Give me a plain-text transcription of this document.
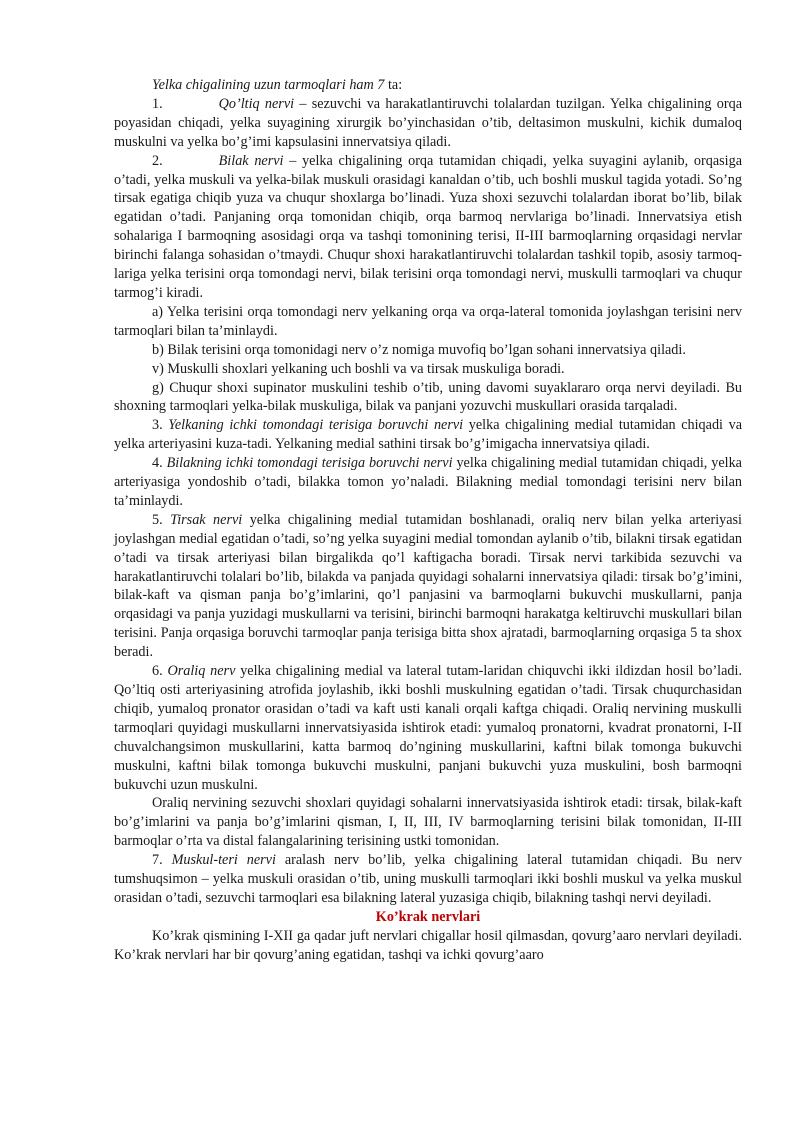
Yelka chigalining uzun tarmoqlari ham 7 ta:

1.	Qo’ltiq nervi – sezuvchi va harakatlantiruvchi tolalardan tuzilgan. Yelka chigalining orqa poyasidan chiqadi, yelka suyagining xirurgik bo’yinchasidan o’tib, deltasimon muskulni, kichik dumaloq muskulni va yelka bo’g’imi kapsulasini innervatsiya qiladi.

2.	Bilak nervi – yelka chigalining orqa tutamidan chiqadi, yelka suyagini aylanib, orqasiga o’tadi, yelka muskuli va yelka-bilak muskuli orasidagi kanaldan o’tib, uch boshli muskul tagida yotadi. So’ng tirsak egatiga chiqib yuza va chuqur shoxlarga bo’linadi. Yuza shoxi sezuvchi tolalardan iborat bo’lib, bilak egatidan o’tadi. Panjaning orqa tomonidan chiqib, orqa barmoq nervlariga bo’linadi. Innervatsiya etish sohalariga I barmoqning asosidagi orqa va tashqi tomonining terisi, II-III barmoqlarning orqasidagi nervlar birinchi falanga sohasidan o’tmaydi. Chuqur shoxi harakatlantiruvchi tolalardan tashkil topib, asosiy tarmoq-lariga yelka terisini orqa tomondagi nervi, bilak terisini orqa tomondagi nervi, muskulli tarmoqlari va chuqur tarmog’i kiradi.

a) Yelka terisini orqa tomondagi nerv yelkaning orqa va orqa-lateral tomonida joylashgan terisini nerv tarmoqlari bilan ta’minlaydi.

b) Bilak terisini orqa tomonidagi nerv o’z nomiga muvofiq bo’lgan sohani innervatsiya qiladi.

v) Muskulli shoxlari yelkaning uch boshli va va tirsak muskuliga boradi.

g) Chuqur shoxi supinator muskulini teshib o’tib, uning davomi suyaklararo orqa nervi deyiladi. Bu shoxning tarmoqlari yelka-bilak muskuliga, bilak va panjani yozuvchi muskullari orasida tarqaladi.

3. Yelkaning ichki tomondagi terisiga boruvchi nervi yelka chigalining medial tutamidan chiqadi va yelka arteriyasini kuza-tadi. Yelkaning medial sathini tirsak bo’g’imigacha innervatsiya qiladi.

4. Bilakning ichki tomondagi terisiga boruvchi nervi yelka chigalining medial tutamidan chiqadi, yelka arteriyasiga yondoshib o’tadi, bilakka tomon yo’naladi. Bilakning medial tomondagi terisini nerv bilan ta’minlaydi.

5. Tirsak nervi yelka chigalining medial tutamidan boshlanadi, oraliq nerv bilan yelka arteriyasi joylashgan medial egatidan o’tadi, so’ng yelka suyagini medial tomondan aylanib o’tib, bilakni tirsak egatidan o’tadi va tirsak arteriyasi bilan birgalikda qo’l kaftigacha boradi. Tirsak nervi tarkibida sezuvchi va harakatlantiruvchi tolalari bo’lib, bilakda va panjada quyidagi sohalarni innervatsiya qiladi: tirsak bo’g’imini, bilak-kaft va qisman panja bo’g’imlarini, qo’l panjasini va barmoqlarni bukuvchi muskullarni, panja orqasidagi va panja yuzidagi muskullarni va terisini, birinchi barmoqni harakatga keltiruvchi muskullari bilan terisini. Panja orqasiga boruvchi tarmoqlar panja terisiga bitta shox ajratadi, barmoqlarning orqasiga 5 ta shox beradi.

6. Oraliq nerv yelka chigalining medial va lateral tutam-laridan chiquvchi ikki ildizdan hosil bo’ladi. Qo’ltiq osti arteriyasining atrofida joylashib, ikki boshli muskulning egatidan o’tadi. Tirsak chuqurchasidan chiqib, yumaloq pronator orasidan o’tadi va kaft usti kanali orqali kaftga chiqadi. Oraliq nervining muskulli tarmoqlari quyidagi muskullarni innervatsiyasida ishtirok etadi: yumaloq pronatorni, kvadrat pronatorni, I-II chuvalchangsimon muskullarini, katta barmoq do’ngining muskullarini, kaftni bilak tomonga bukuvchi muskulni, kaftni bilak tomonga bukuvchi muskulni, panjani bukuvchi yuza muskulini, bosh barmoqni bukuvchi uzun muskulni.

Oraliq nervining sezuvchi shoxlari quyidagi sohalarni innervatsiyasida ishtirok etadi: tirsak, bilak-kaft bo’g’imlarini va panja bo’g’imlarini qisman, I, II, III, IV barmoqlarning terisini bilak tomonidan, II-III barmoqlar o’rta va distal falangalarining terisining ustki tomonidan.

7. Muskul-teri nervi aralash nerv bo’lib, yelka chigalining lateral tutamidan chiqadi. Bu nerv tumshuqsimon – yelka muskuli orasidan o’tib, uning muskulli tarmoqlari ikki boshli muskul va yelka muskul orasidan o’tadi, sezuvchi tarmoqlari esa bilakning lateral yuzasiga chiqib, bilakning tashqi nervi deyiladi.

Ko’krak nervlari

Ko’krak qismining I-XII ga qadar juft nervlari chigallar hosil qilmasdan, qovurg’aaro nervlari deyiladi. Ko’krak nervlari har bir qovurg’aning egatidan, tashqi va ichki qovurg’aaro
